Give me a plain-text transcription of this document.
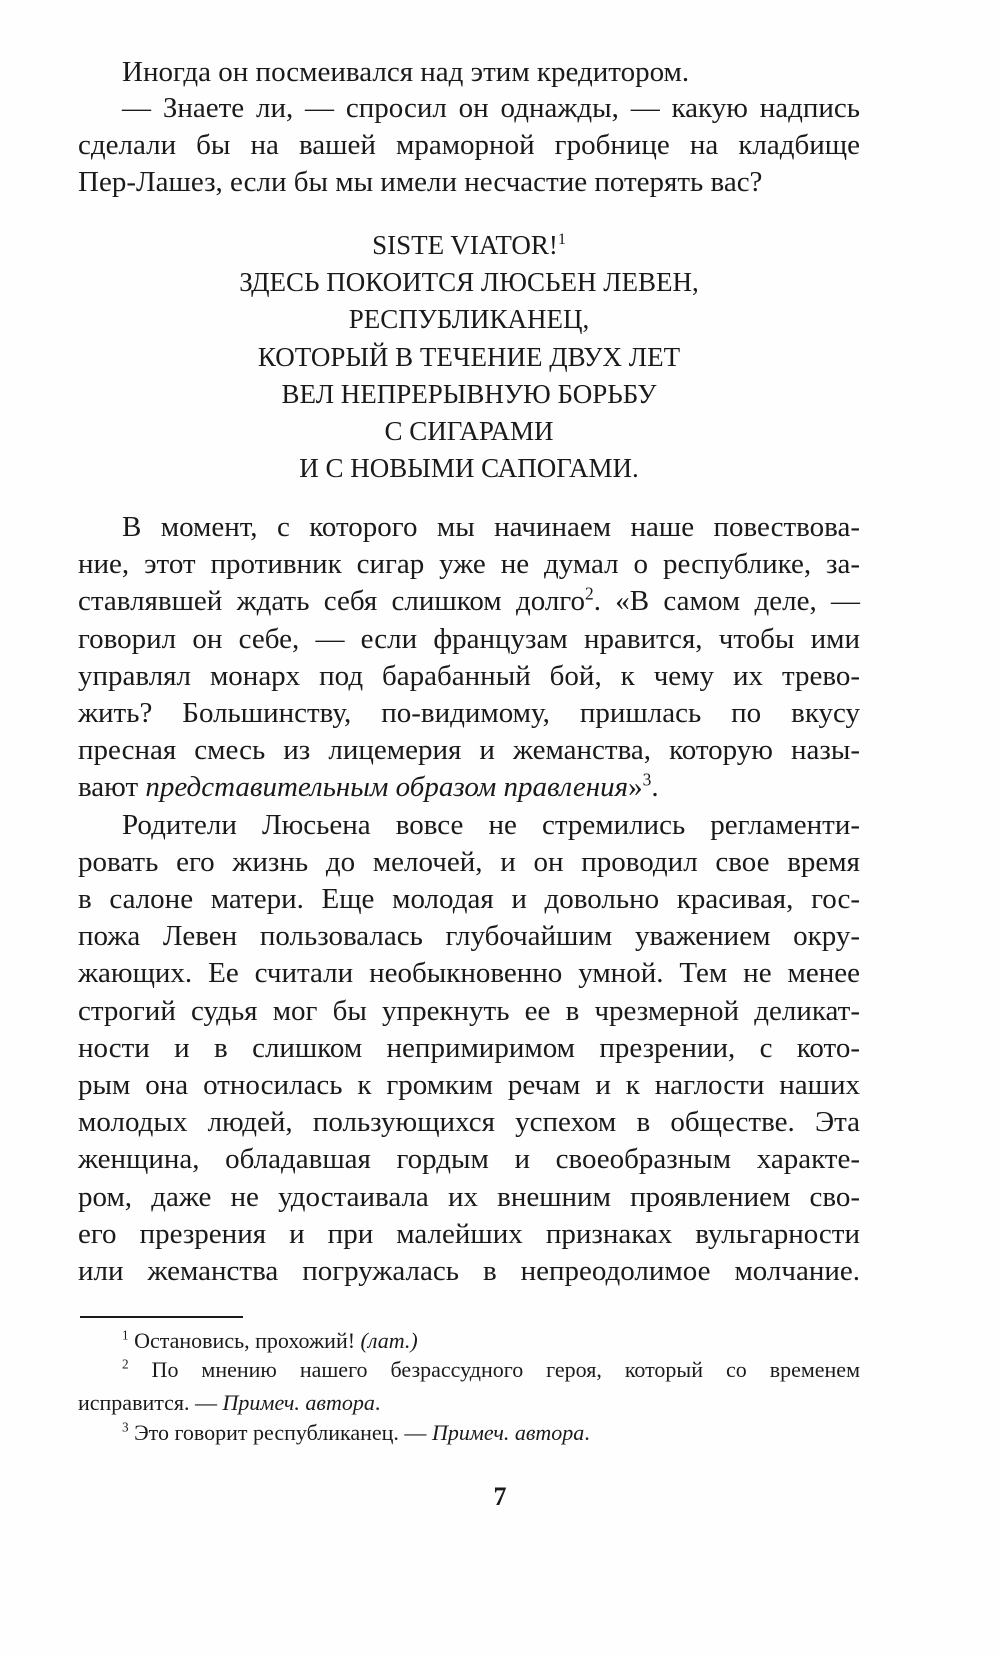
Иногда он посмеивался над этим кредитором.
— Знаете ли, — спросил он однажды, — какую надпись
сделали бы на вашей мраморной гробнице на кладбище
Пер-Лашез, если бы мы имели несчастие потерять вас?
SISTE VIATOR!$^1$
ЗДЕСЬ ПОКОИТСЯ ЛЮСЬЕН ЛЕВЕН,
РЕСПУБЛИКАНЕЦ,
КОТОРЫЙ В ТЕЧЕНИЕ ДВУХ ЛЕТ
ВЕЛ НЕПРЕРЫВНУЮ БОРЬБУ
С СИГАРАМИ
И С НОВЫМИ САПОГАМИ.
В момент, с которого мы начинаем наше повествова-
ние, этот противник сигар уже не думал о республике, за-
ставлявшей ждать себя слишком долго$^2$. «В самом деле, —
говорил он себе, — если французам нравится, чтобы ими
управлял монарх под барабанный бой, к чему их трево-
жить? Большинству, по-видимому, пришлась по вкусу
пресная смесь из лицемерия и жеманства, которую назы-
вают представительным образом правления»$^3$.
Родители Люсьена вовсе не стремились регламенти-
ровать его жизнь до мелочей, и он проводил свое время
в салоне матери. Еще молодая и довольно красивая, гос-
пожа Левен пользовалась глубочайшим уважением окру-
жающих. Ее считали необыкновенно умной. Тем не менее
строгий судья мог бы упрекнуть ее в чрезмерной деликат-
ности и в слишком непримиримом презрении, с кото-
рым она относилась к громким речам и к наглости наших
молодых людей, пользующихся успехом в обществе. Эта
женщина, обладавшая гордым и своеобразным характе-
ром, даже не удостаивала их внешним проявлением сво-
его презрения и при малейших признаках вульгарности
или жеманства погружалась в непреодолимое молчание.
$^1$ Остановись, прохожий! (лат.)
$^2$ По мнению нашего безрассудного героя, который со временем
исправится. — Примеч. автора.
$^3$ Это говорит республиканец. — Примеч. автора.
7
